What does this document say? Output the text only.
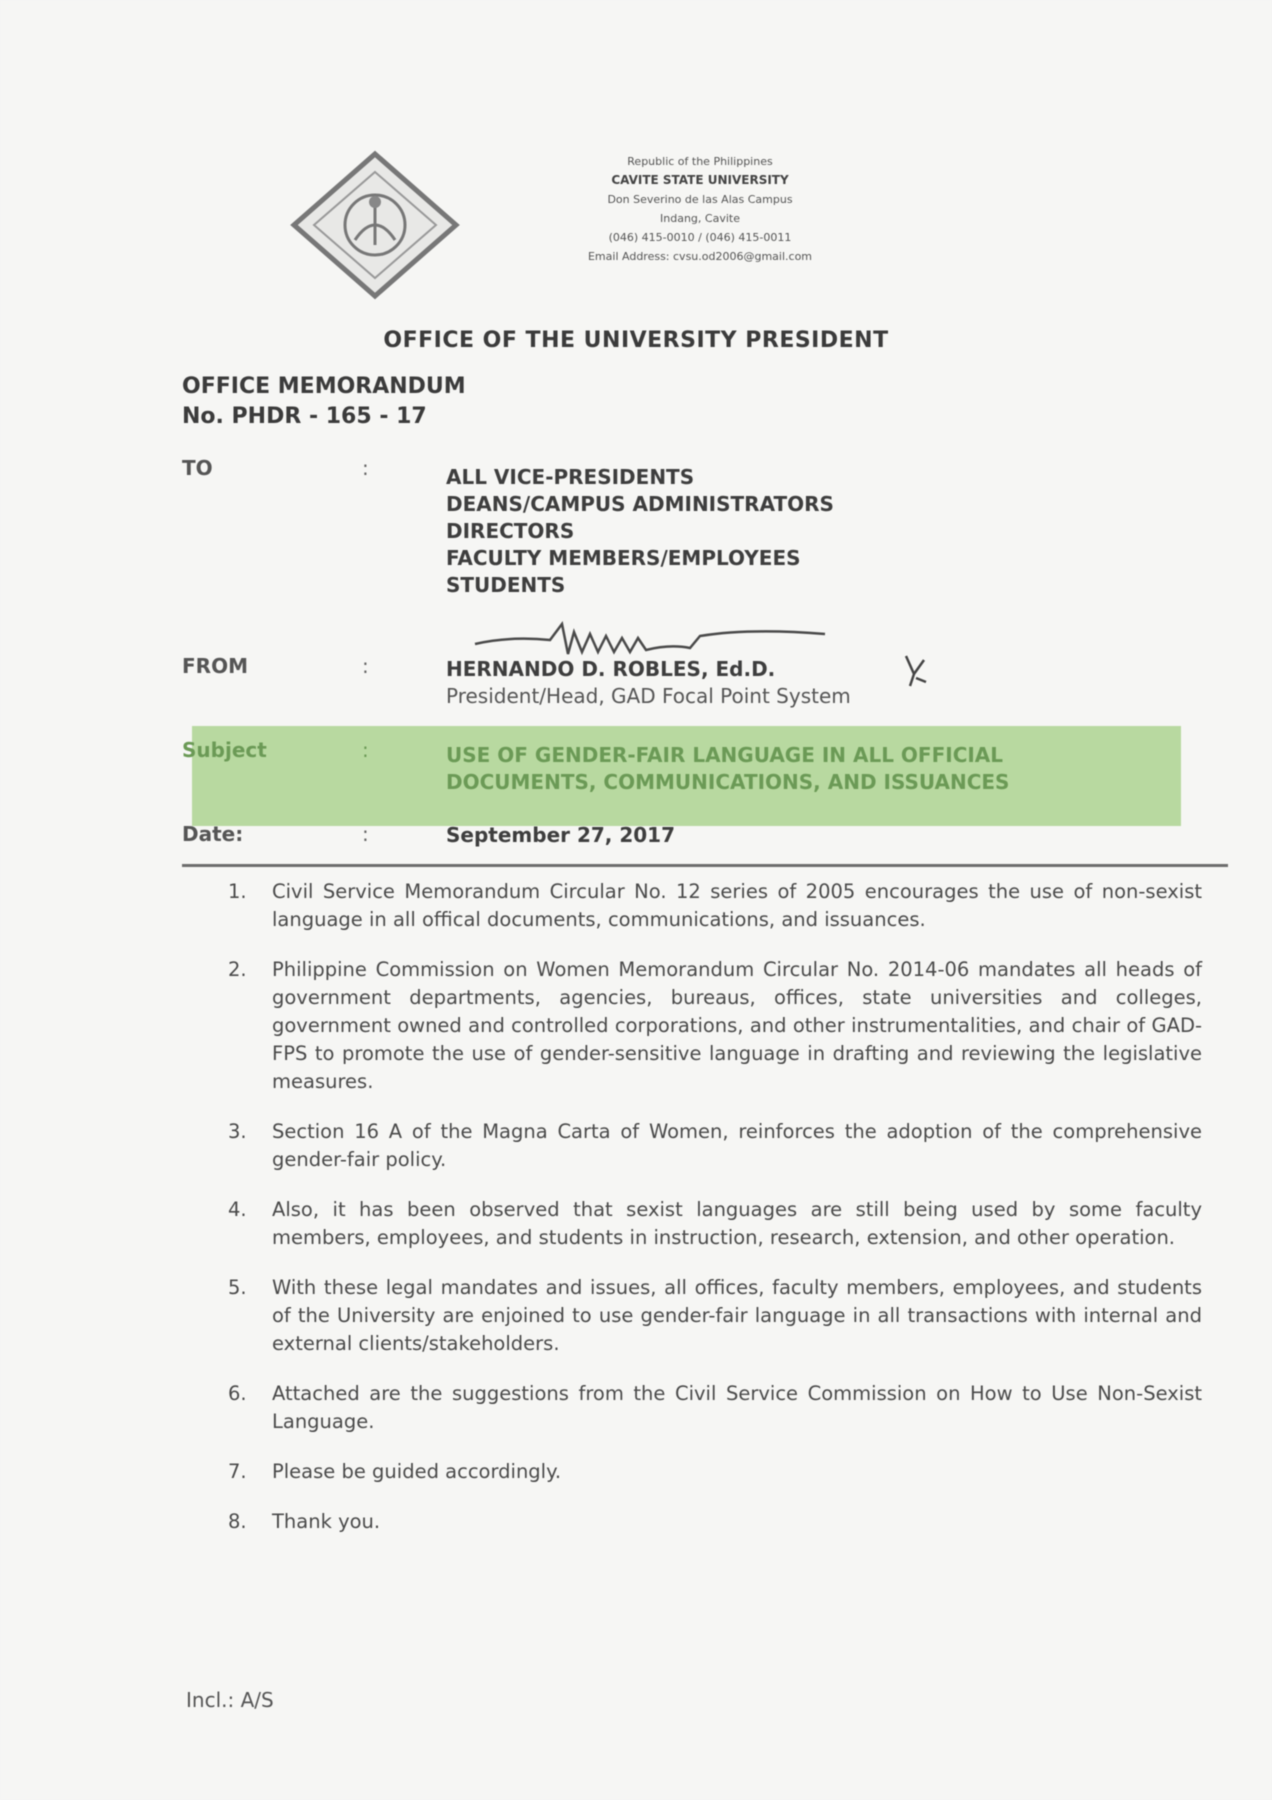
Republic of the Philippines
CAVITE STATE UNIVERSITY
Don Severino de las Alas Campus
Indang, Cavite
(046) 415-0010 / (046) 415-0011
Email Address: cvsu.od2006@gmail.com
OFFICE OF THE UNIVERSITY PRESIDENT
OFFICE MEMORANDUM
No. PHDR - 165 - 17
TO	:	ALL VICE-PRESIDENTS
DEANS/CAMPUS ADMINISTRATORS
DIRECTORS
FACULTY MEMBERS/EMPLOYEES
STUDENTS
FROM	:	HERNANDO D. ROBLES, Ed.D.
President/Head, GAD Focal Point System
Subject	:	USE OF GENDER-FAIR LANGUAGE IN ALL OFFICIAL
DOCUMENTS, COMMUNICATIONS, AND ISSUANCES
Date:	:	September 27, 2017
1. Civil Service Memorandum Circular No. 12 series of 2005 encourages the use of non-sexist language in all offical documents, communications, and issuances.
2. Philippine Commission on Women Memorandum Circular No. 2014-06 mandates all heads of government departments, agencies, bureaus, offices, state universities and colleges, government owned and controlled corporations, and other instrumentalities, and chair of GAD-FPS to promote the use of gender-sensitive language in drafting and reviewing the legislative measures.
3. Section 16 A of the Magna Carta of Women, reinforces the adoption of the comprehensive gender-fair policy.
4. Also, it has been observed that sexist languages are still being used by some faculty members, employees, and students in instruction, research, extension, and other operation.
5. With these legal mandates and issues, all offices, faculty members, employees, and students of the University are enjoined to use gender-fair language in all transactions with internal and external clients/stakeholders.
6. Attached are the suggestions from the Civil Service Commission on How to Use Non-Sexist Language.
7. Please be guided accordingly.
8. Thank you.
Incl.: A/S
